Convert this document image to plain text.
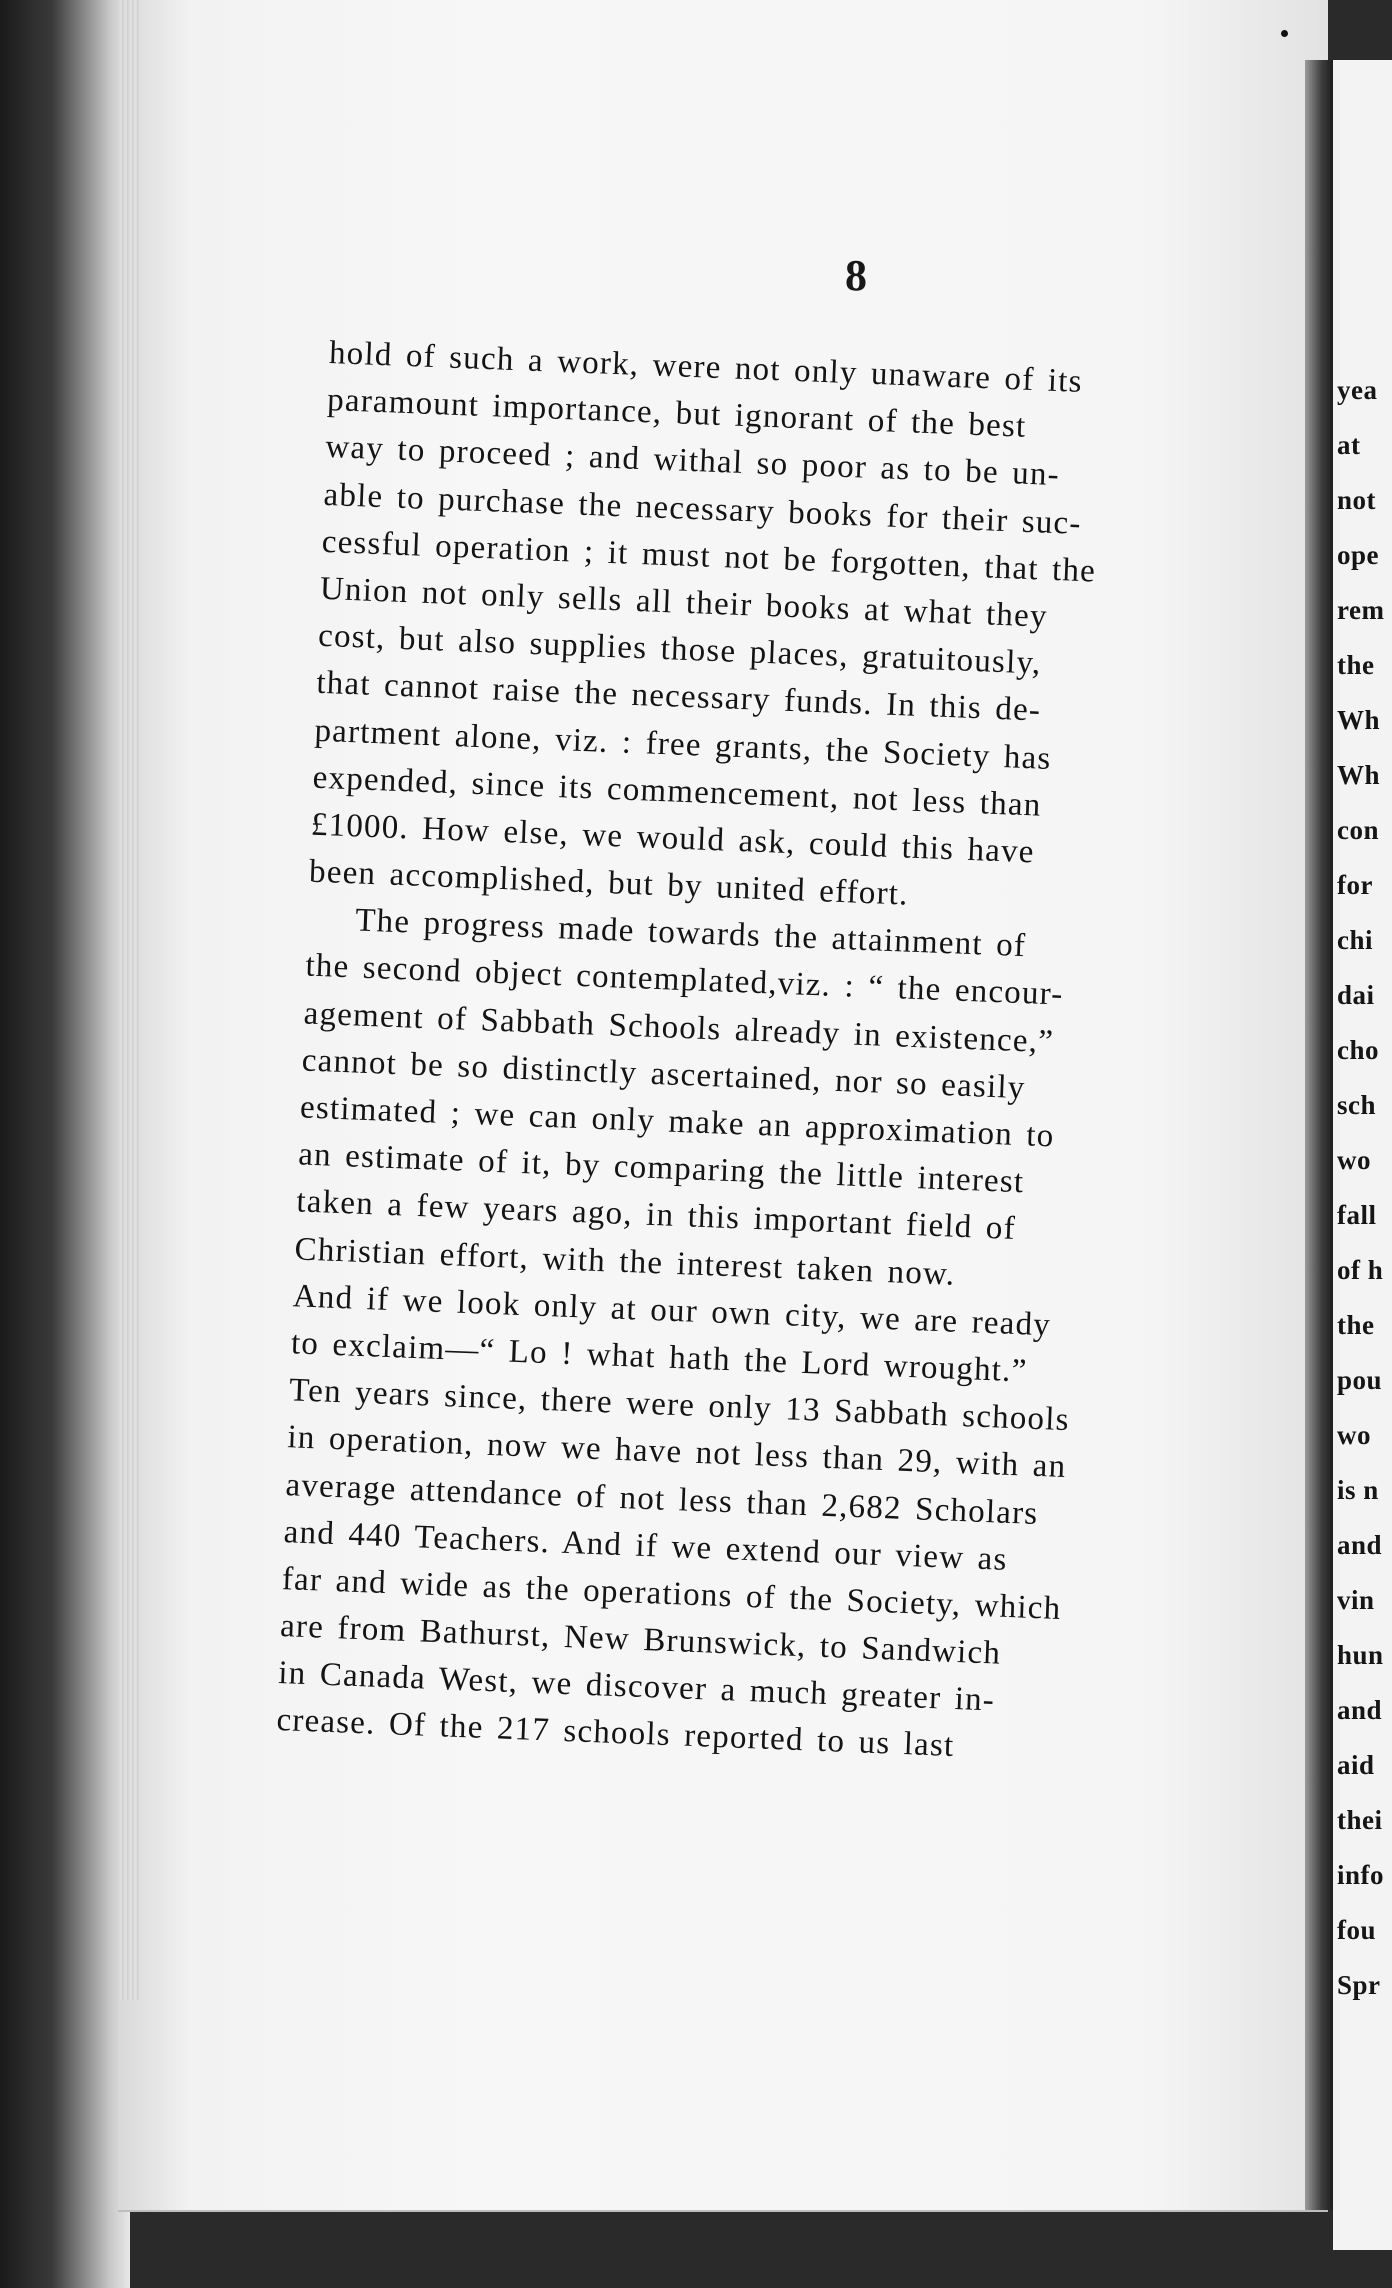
8
hold of such a work, were not only unaware of its
paramount importance, but ignorant of the best
way to proceed ; and withal so poor as to be un-
able to purchase the necessary books for their suc-
cessful operation ; it must not be forgotten, that the
Union not only sells all their books at what they
cost, but also supplies those places, gratuitously,
that cannot raise the necessary funds. In this de-
partment alone, viz. : free grants, the Society has
expended, since its commencement, not less than
£1000. How else, we would ask, could this have
been accomplished, but by united effort.
The progress made towards the attainment of
the second object contemplated,viz. : “ the encour-
agement of Sabbath Schools already in existence,”
cannot be so distinctly ascertained, nor so easily
estimated ; we can only make an approximation to
an estimate of it, by comparing the little interest
taken a few years ago, in this important field of
Christian effort, with the interest taken now.
And if we look only at our own city, we are ready
to exclaim—“ Lo ! what hath the Lord wrought.”
Ten years since, there were only 13 Sabbath schools
in operation, now we have not less than 29, with an
average attendance of not less than 2,682 Scholars
and 440 Teachers. And if we extend our view as
far and wide as the operations of the Society, which
are from Bathurst, New Brunswick, to Sandwich
in Canada West, we discover a much greater in-
crease. Of the 217 schools reported to us last
yea
at
not
ope
rem
the
Wh
Wh
con
for
chi
dai
cho
sch
wo
fall
of h
the
pou
wo
is n
and
vin
hun
and
aid
thei
info
fou
Spr
